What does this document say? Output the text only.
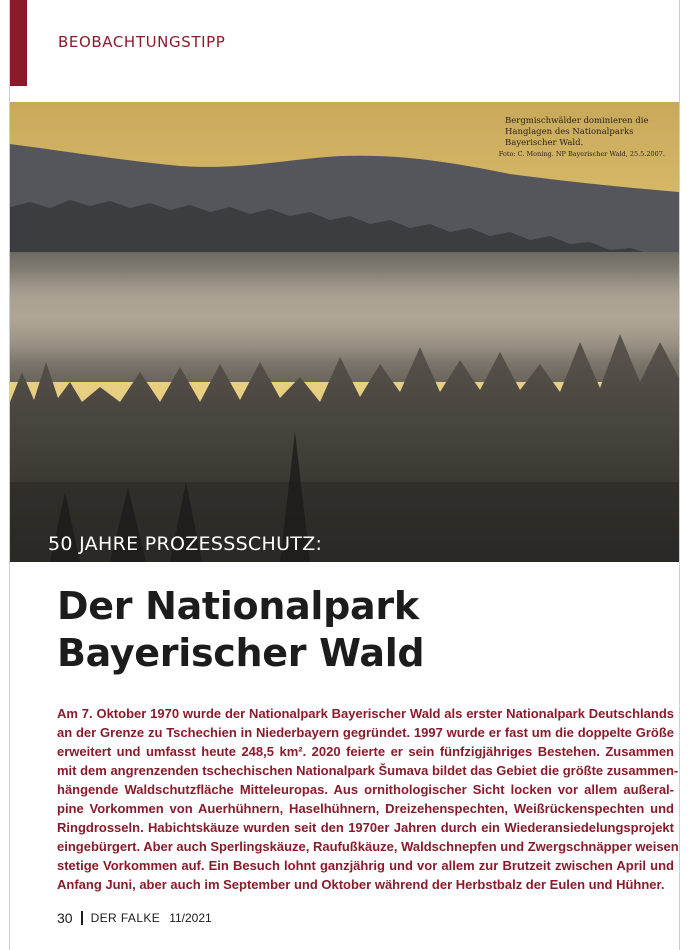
BEOBACHTUNGSTIPP
Bergmischwälder dominieren die Hanglagen des Nationalparks Bayerischer Wald.
Foto: C. Moning. NP Bayerischer Wald, 25.5.2007.
50 JAHRE PROZESSSCHUTZ:
Der Nationalpark
Bayerischer Wald
Am 7. Oktober 1970 wurde der Nationalpark Bayerischer Wald als erster Nationalpark Deutschlands
an der Grenze zu Tschechien in Niederbayern gegründet. 1997 wurde er fast um die doppelte Größe
erweitert und umfasst heute 248,5 km². 2020 feierte er sein fünfzigjähriges Bestehen. Zusammen
mit dem angrenzenden tschechischen Nationalpark Šumava bildet das Gebiet die größte zusammen-
hängende Waldschutzfläche Mitteleuropas. Aus ornithologischer Sicht locken vor allem außeral-
pine Vorkommen von Auerhühnern, Haselhühnern, Dreizehenspechten, Weißrückenspechten und
Ringdrosseln. Habichtskäuze wurden seit den 1970er Jahren durch ein Wiederansiedelungsprojekt
eingebürgert. Aber auch Sperlingskäuze, Raufußkäuze, Waldschnepfen und Zwergschnäpper weisen
stetige Vorkommen auf. Ein Besuch lohnt ganzjährig und vor allem zur Brutzeit zwischen April und
Anfang Juni, aber auch im September und Oktober während der Herbstbalz der Eulen und Hühner.
30 DER FALKE 11/2021
